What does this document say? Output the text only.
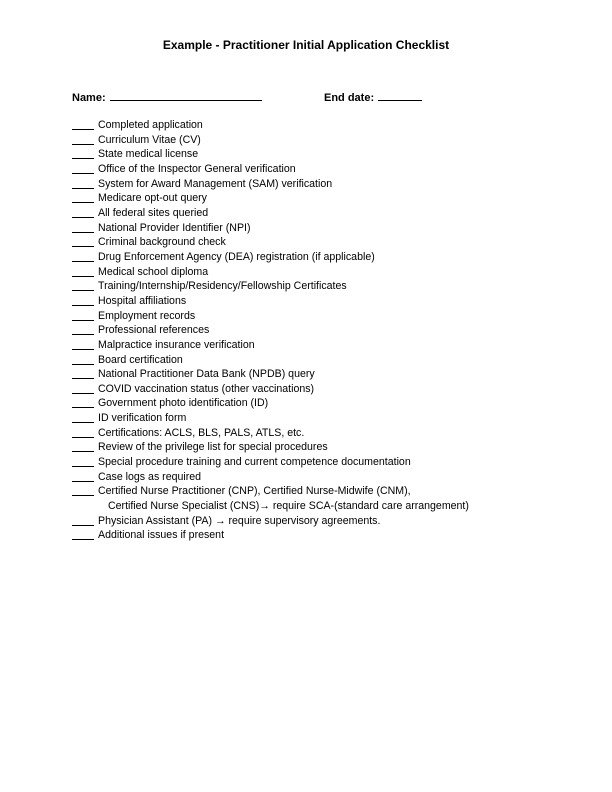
Example - Practitioner Initial Application Checklist
Name:	End date:
Completed application
Curriculum Vitae (CV)
State medical license
Office of the Inspector General verification
System for Award Management (SAM) verification
Medicare opt-out query
All federal sites queried
National Provider Identifier (NPI)
Criminal background check
Drug Enforcement Agency (DEA) registration (if applicable)
Medical school diploma
Training/Internship/Residency/Fellowship Certificates
Hospital affiliations
Employment records
Professional references
Malpractice insurance verification
Board certification
National Practitioner Data Bank (NPDB) query
COVID vaccination status (other vaccinations)
Government photo identification (ID)
ID verification form
Certifications: ACLS, BLS, PALS, ATLS, etc.
Review of the privilege list for special procedures
Special procedure training and current competence documentation
Case logs as required
Certified Nurse Practitioner (CNP), Certified Nurse-Midwife (CNM),
Certified Nurse Specialist (CNS)→ require SCA-(standard care arrangement)
Physician Assistant (PA) → require supervisory agreements.
Additional issues if present
